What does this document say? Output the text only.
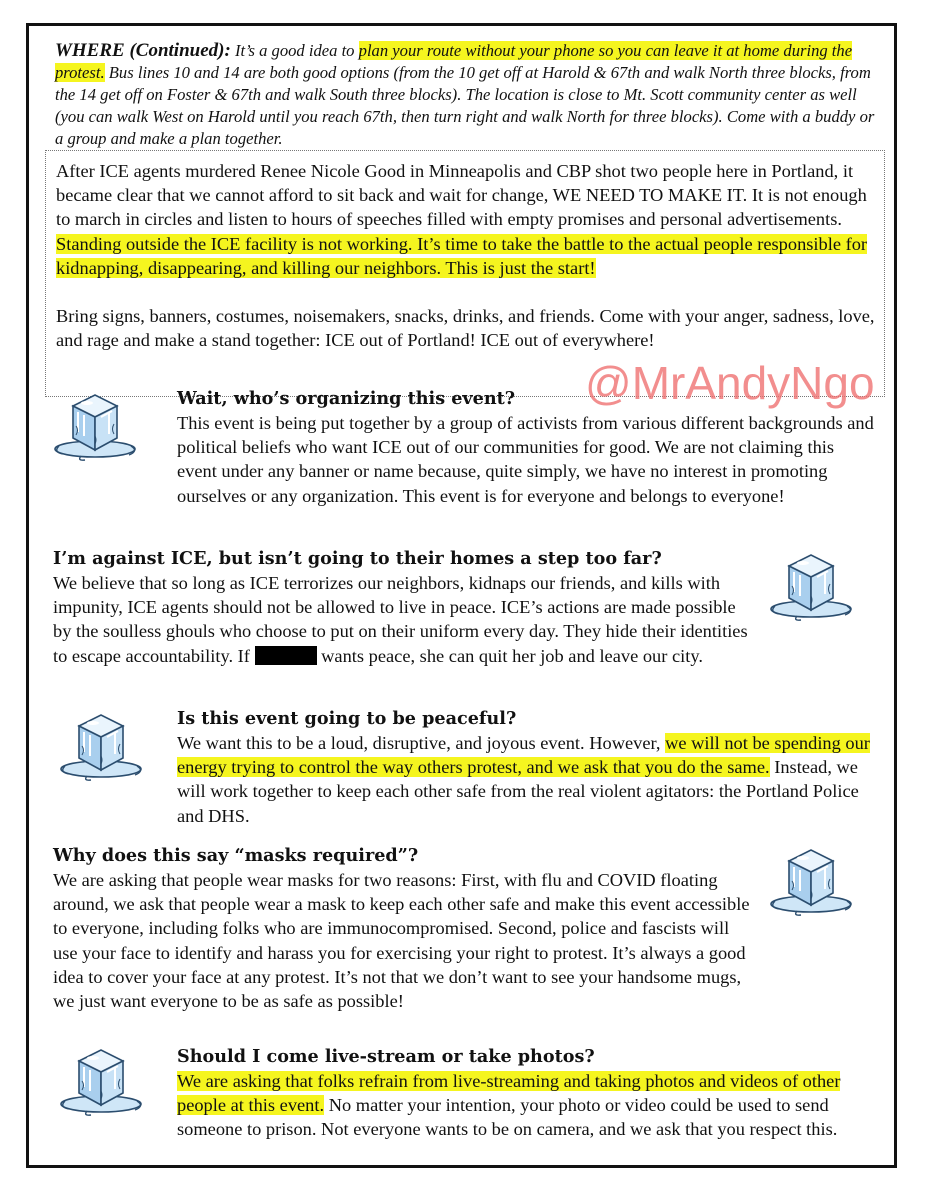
WHERE (Continued): It’s a good idea to plan your route without your phone so you can leave it at home during the protest. Bus lines 10 and 14 are both good options (from the 10 get off at Harold & 67th and walk North three blocks, from the 14 get off on Foster & 67th and walk South three blocks). The location is close to Mt. Scott community center as well (you can walk West on Harold until you reach 67th, then turn right and walk North for three blocks). Come with a buddy or a group and make a plan together.

After ICE agents murdered Renee Nicole Good in Minneapolis and CBP shot two people here in Portland, it became clear that we cannot afford to sit back and wait for change, WE NEED TO MAKE IT. It is not enough to march in circles and listen to hours of speeches filled with empty promises and personal advertisements. Standing outside the ICE facility is not working. It’s time to take the battle to the actual people responsible for kidnapping, disappearing, and killing our neighbors. This is just the start!

Bring signs, banners, costumes, noisemakers, snacks, drinks, and friends. Come with your anger, sadness, love, and rage and make a stand together: ICE out of Portland! ICE out of everywhere!

Wait, who’s organizing this event?

This event is being put together by a group of activists from various different backgrounds and political beliefs who want ICE out of our communities for good. We are not claiming this event under any banner or name because, quite simply, we have no interest in promoting ourselves or any organization. This event is for everyone and belongs to everyone!

I’m against ICE, but isn’t going to their homes a step too far?

We believe that so long as ICE terrorizes our neighbors, kidnaps our friends, and kills with impunity, ICE agents should not be allowed to live in peace. ICE’s actions are made possible by the soulless ghouls who choose to put on their uniform every day. They hide their identities to escape accountability. If	wants peace, she can quit her job and leave our city.

Is this event going to be peaceful?

We want this to be a loud, disruptive, and joyous event. However, we will not be spending our energy trying to control the way others protest, and we ask that you do the same. Instead, we will work together to keep each other safe from the real violent agitators: the Portland Police and DHS.

Why does this say “masks required”?

We are asking that people wear masks for two reasons: First, with flu and COVID floating around, we ask that people wear a mask to keep each other safe and make this event accessible to everyone, including folks who are immunocompromised. Second, police and fascists will use your face to identify and harass you for exercising your right to protest. It’s always a good idea to cover your face at any protest. It’s not that we don’t want to see your handsome mugs, we just want everyone to be as safe as possible!

Should I come live-stream or take photos?

We are asking that folks refrain from live-streaming and taking photos and videos of other people at this event. No matter your intention, your photo or video could be used to send someone to prison. Not everyone wants to be on camera, and we ask that you respect this.

@MrAndyNgo
